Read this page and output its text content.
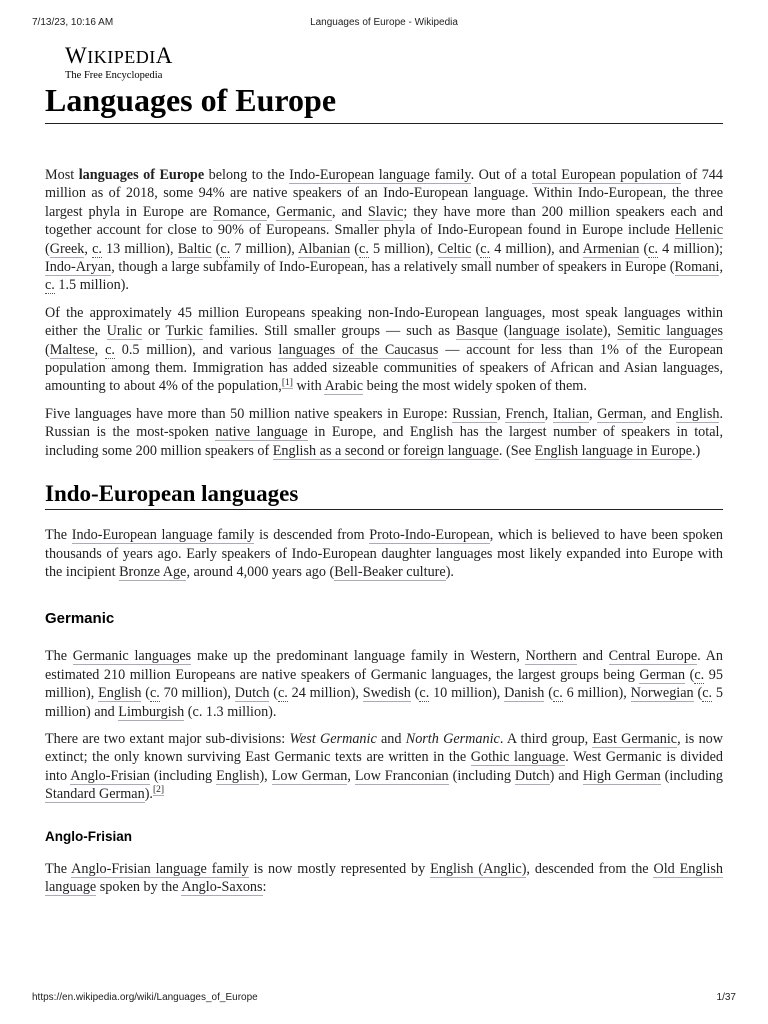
7/13/23, 10:16 AM	Languages of Europe - Wikipedia
WIKIPEDIA
The Free Encyclopedia
Languages of Europe

Most languages of Europe belong to the Indo-European language family. Out of a total European population of 744 million as of 2018, some 94% are native speakers of an Indo-European language. Within Indo-European, the three largest phyla in Europe are Romance, Germanic, and Slavic; they have more than 200 million speakers each and together account for close to 90% of Europeans. Smaller phyla of Indo-European found in Europe include Hellenic (Greek, c. 13 million), Baltic (c. 7 million), Albanian (c. 5 million), Celtic (c. 4 million), and Armenian (c. 4 million); Indo-Aryan, though a large subfamily of Indo-European, has a relatively small number of speakers in Europe (Romani, c. 1.5 million).

Of the approximately 45 million Europeans speaking non-Indo-European languages, most speak languages within either the Uralic or Turkic families. Still smaller groups — such as Basque (language isolate), Semitic languages (Maltese, c. 0.5 million), and various languages of the Caucasus — account for less than 1% of the European population among them. Immigration has added sizeable communities of speakers of African and Asian languages, amounting to about 4% of the population,[1] with Arabic being the most widely spoken of them.

Five languages have more than 50 million native speakers in Europe: Russian, French, Italian, German, and English. Russian is the most-spoken native language in Europe, and English has the largest number of speakers in total, including some 200 million speakers of English as a second or foreign language. (See English language in Europe.)

Indo-European languages

The Indo-European language family is descended from Proto-Indo-European, which is believed to have been spoken thousands of years ago. Early speakers of Indo-European daughter languages most likely expanded into Europe with the incipient Bronze Age, around 4,000 years ago (Bell-Beaker culture).

Germanic

The Germanic languages make up the predominant language family in Western, Northern and Central Europe. An estimated 210 million Europeans are native speakers of Germanic languages, the largest groups being German (c. 95 million), English (c. 70 million), Dutch (c. 24 million), Swedish (c. 10 million), Danish (c. 6 million), Norwegian (c. 5 million) and Limburgish (c. 1.3 million).

There are two extant major sub-divisions: West Germanic and North Germanic. A third group, East Germanic, is now extinct; the only known surviving East Germanic texts are written in the Gothic language. West Germanic is divided into Anglo-Frisian (including English), Low German, Low Franconian (including Dutch) and High German (including Standard German).[2]

Anglo-Frisian

The Anglo-Frisian language family is now mostly represented by English (Anglic), descended from the Old English language spoken by the Anglo-Saxons:

https://en.wikipedia.org/wiki/Languages_of_Europe	1/37
